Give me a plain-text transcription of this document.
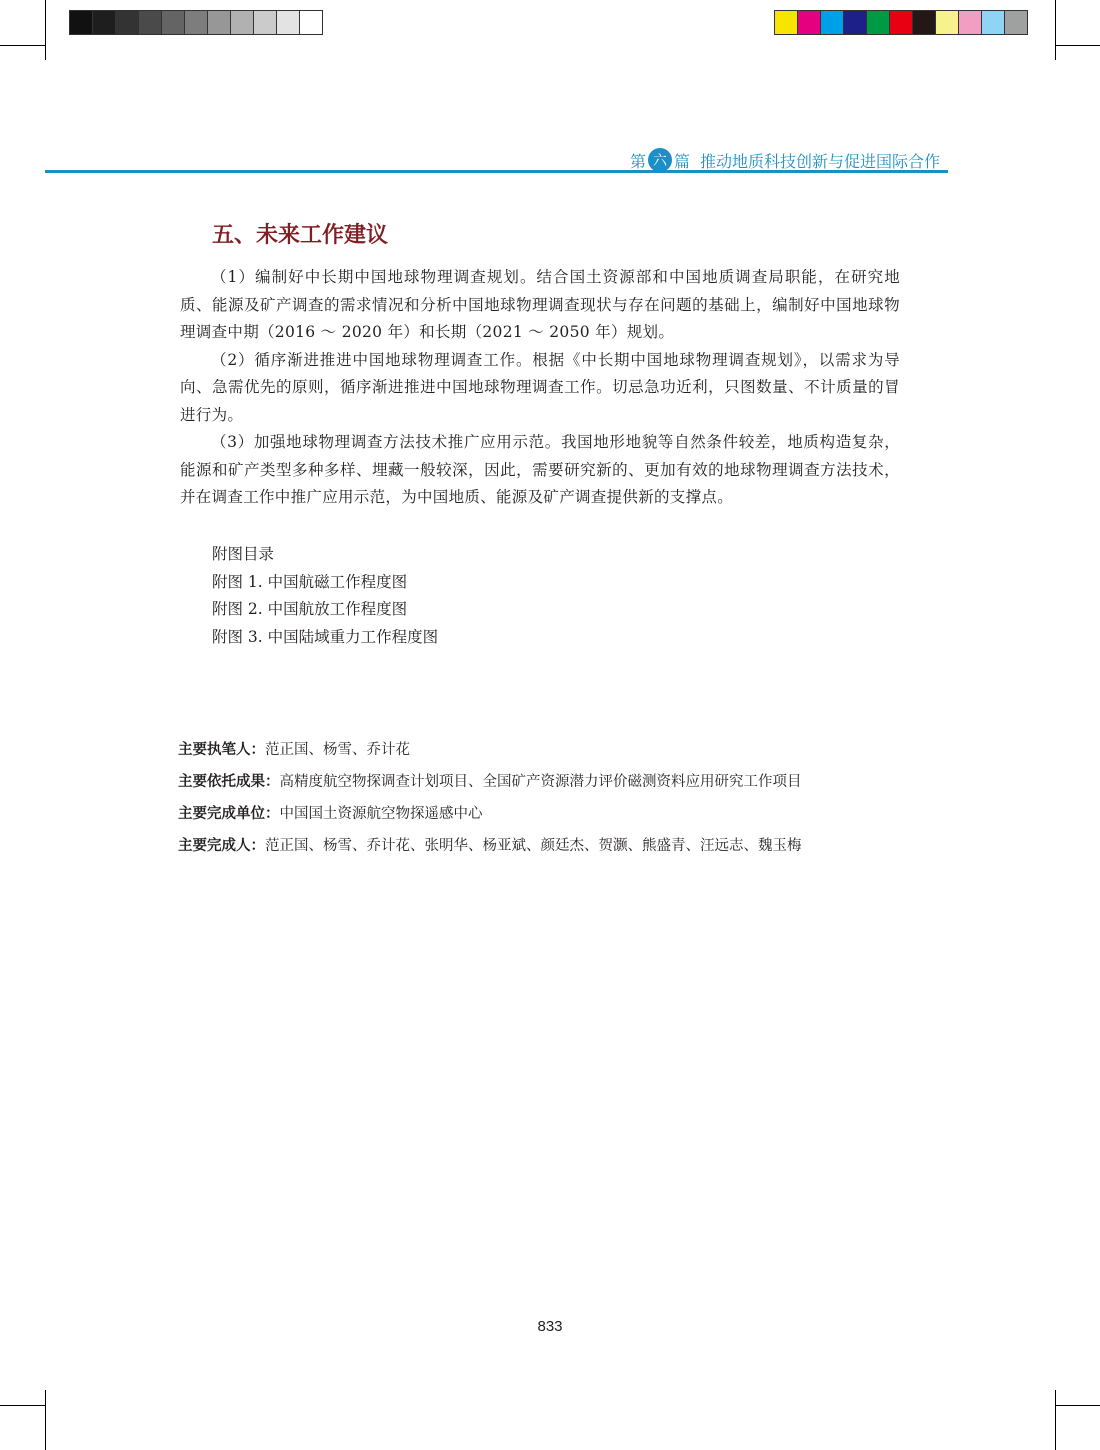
第 六 篇 推动地质科技创新与促进国际合作
五、未来工作建议

（1）编制好中长期中国地球物理调查规划。结合国土资源部和中国地质调查局职能，在研究地质、能源及矿产调查的需求情况和分析中国地球物理调查现状与存在问题的基础上，编制好中国地球物理调查中期（2016 ～ 2020 年）和长期（2021 ～ 2050 年）规划。

（2）循序渐进推进中国地球物理调查工作。根据《中长期中国地球物理调查规划》，以需求为导向、急需优先的原则，循序渐进推进中国地球物理调查工作。切忌急功近利，只图数量、不计质量的冒进行为。

（3）加强地球物理调查方法技术推广应用示范。我国地形地貌等自然条件较差，地质构造复杂，能源和矿产类型多种多样、埋藏一般较深，因此，需要研究新的、更加有效的地球物理调查方法技术，并在调查工作中推广应用示范，为中国地质、能源及矿产调查提供新的支撑点。

附图目录
附图 1. 中国航磁工作程度图
附图 2. 中国航放工作程度图
附图 3. 中国陆域重力工作程度图
主要执笔人：范正国、杨雪、乔计花
主要依托成果：高精度航空物探调查计划项目、全国矿产资源潜力评价磁测资料应用研究工作项目
主要完成单位：中国国土资源航空物探遥感中心
主要完成人：范正国、杨雪、乔计花、张明华、杨亚斌、颜廷杰、贺灏、熊盛青、汪远志、魏玉梅
833
